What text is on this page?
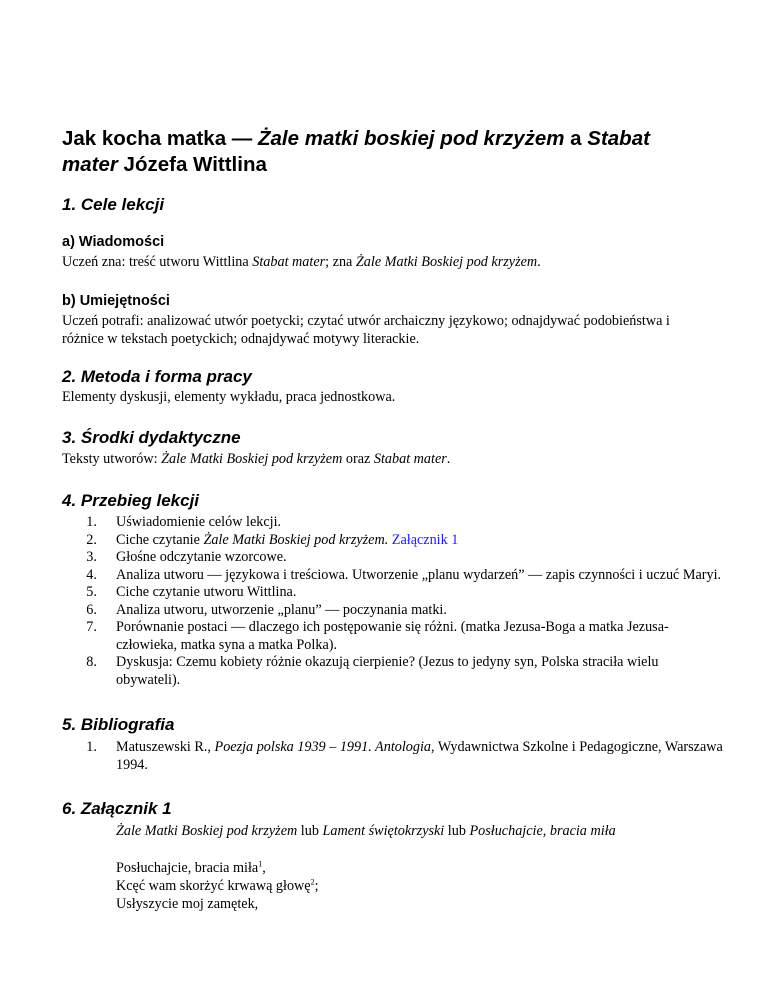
Jak kocha matka — Żale matki boskiej pod krzyżem a Stabat mater Józefa Wittlina
1. Cele lekcji
a) Wiadomości

Uczeń zna: treść utworu Wittlina Stabat mater; zna Żale Matki Boskiej pod krzyżem.

b) Umiejętności

Uczeń potrafi: analizować utwór poetycki; czytać utwór archaiczny językowo; odnajdywać podobieństwa i różnice w tekstach poetyckich; odnajdywać motywy literackie.

2. Metoda i forma pracy

Elementy dyskusji, elementy wykładu, praca jednostkowa.

3. Środki dydaktyczne

Teksty utworów: Żale Matki Boskiej pod krzyżem oraz Stabat mater.

4. Przebieg lekcji
1. Uświadomienie celów lekcji.
2. Ciche czytanie Żale Matki Boskiej pod krzyżem. Załącznik 1
3. Głośne odczytanie wzorcowe.
4. Analiza utworu — językowa i treściowa. Utworzenie „planu wydarzeń” — zapis czynności i uczuć Maryi.
5. Ciche czytanie utworu Wittlina.
6. Analiza utworu, utworzenie „planu” — poczynania matki.
7. Porównanie postaci — dlaczego ich postępowanie się różni. (matka Jezusa-Boga a matka Jezusa-człowieka, matka syna a matka Polka).
8. Dyskusja: Czemu kobiety różnie okazują cierpienie? (Jezus to jedyny syn, Polska straciła wielu obywateli).
5. Bibliografia
1. Matuszewski R., Poezja polska 1939 – 1991. Antologia, Wydawnictwa Szkolne i Pedagogiczne, Warszawa 1994.
6. Załącznik 1

Żale Matki Boskiej pod krzyżem lub Lament świętokrzyski lub Posłuchajcie, bracia miła

Posłuchajcie, bracia miła$^1$,

Kcęć wam skorżyć krwawą głowę$^2$;

Usłyszycie moj zamętek,
